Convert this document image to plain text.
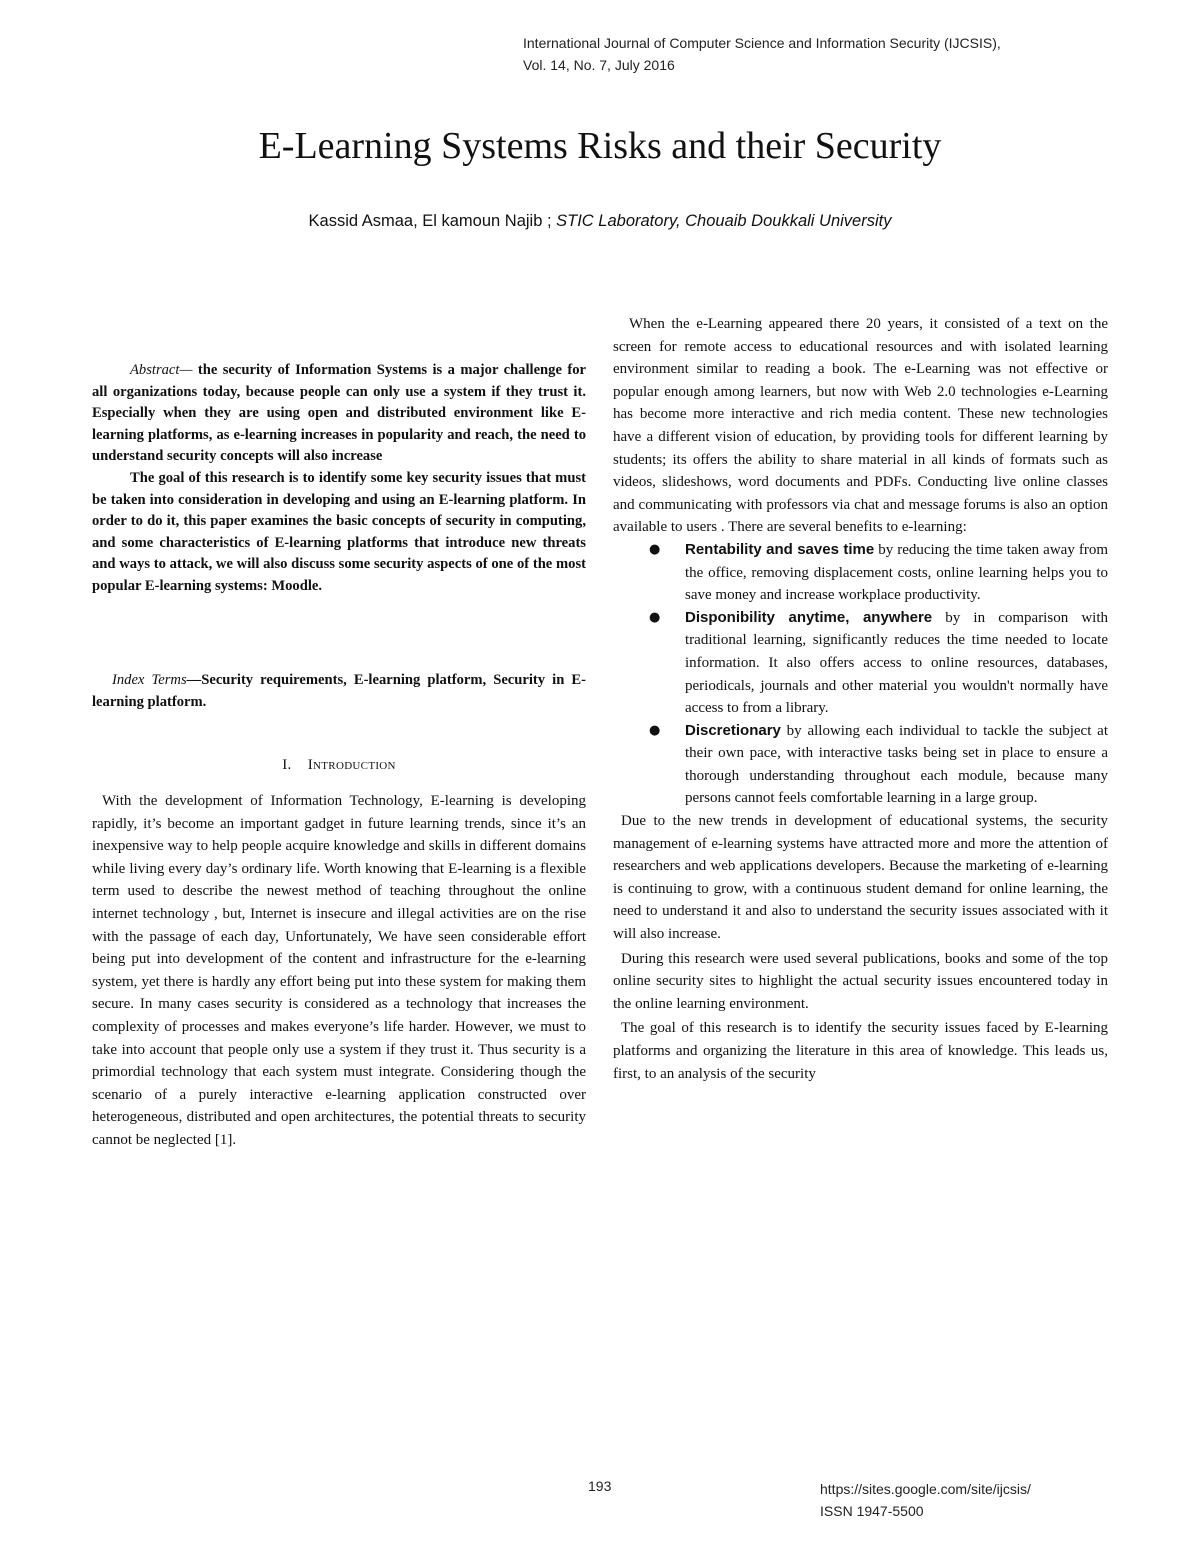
International Journal of Computer Science and Information Security (IJCSIS),
Vol. 14, No. 7, July 2016
E-Learning Systems Risks and their Security
Kassid Asmaa, El kamoun Najib ; STIC Laboratory, Chouaib Doukkali University

Abstract— the security of Information Systems is a major challenge for all organizations today, because people can only use a system if they trust it. Especially when they are using open and distributed environment like E-learning platforms, as e-learning increases in popularity and reach, the need to understand security concepts will also increase

The goal of this research is to identify some key security issues that must be taken into consideration in developing and using an E-learning platform. In order to do it, this paper examines the basic concepts of security in computing, and some characteristics of E-learning platforms that introduce new threats and ways to attack, we will also discuss some security aspects of one of the most popular E-learning systems: Moodle.

Index Terms—Security requirements, E-learning platform, Security in E-learning platform.
I. Introduction

With the development of Information Technology, E-learning is developing rapidly, it’s become an important gadget in future learning trends, since it’s an inexpensive way to help people acquire knowledge and skills in different domains while living every day’s ordinary life. Worth knowing that E-learning is a flexible term used to describe the newest method of teaching throughout the online internet technology , but, Internet is insecure and illegal activities are on the rise with the passage of each day, Unfortunately, We have seen considerable effort being put into development of the content and infrastructure for the e-learning system, yet there is hardly any effort being put into these system for making them secure. In many cases security is considered as a technology that increases the complexity of processes and makes everyone’s life harder. However, we must to take into account that people only use a system if they trust it. Thus security is a primordial technology that each system must integrate. Considering though the scenario of a purely interactive e-learning application constructed over heterogeneous, distributed and open architectures, the potential threats to security cannot be neglected [1].

When the e-Learning appeared there 20 years, it consisted of a text on the screen for remote access to educational resources and with isolated learning environment similar to reading a book. The e-Learning was not effective or popular enough among learners, but now with Web 2.0 technologies e-Learning has become more interactive and rich media content. These new technologies have a different vision of education, by providing tools for different learning by students; its offers the ability to share material in all kinds of formats such as videos, slideshows, word documents and PDFs. Conducting live online classes and communicating with professors via chat and message forums is also an option available to users . There are several benefits to e-learning:

● Rentability and saves time by reducing the time taken away from the office, removing displacement costs, online learning helps you to save money and increase workplace productivity.
● Disponibility anytime, anywhere by in comparison with traditional learning, significantly reduces the time needed to locate information. It also offers access to online resources, databases, periodicals, journals and other material you wouldn't normally have access to from a library.
● Discretionary by allowing each individual to tackle the subject at their own pace, with interactive tasks being set in place to ensure a thorough understanding throughout each module, because many persons cannot feels comfortable learning in a large group.

Due to the new trends in development of educational systems, the security management of e-learning systems have attracted more and more the attention of researchers and web applications developers. Because the marketing of e-learning is continuing to grow, with a continuous student demand for online learning, the need to understand it and also to understand the security issues associated with it will also increase.

During this research were used several publications, books and some of the top online security sites to highlight the actual security issues encountered today in the online learning environment.

The goal of this research is to identify the security issues faced by E-learning platforms and organizing the literature in this area of knowledge. This leads us, first, to an analysis of the security

193	https://sites.google.com/site/ijcsis/
ISSN 1947-5500
